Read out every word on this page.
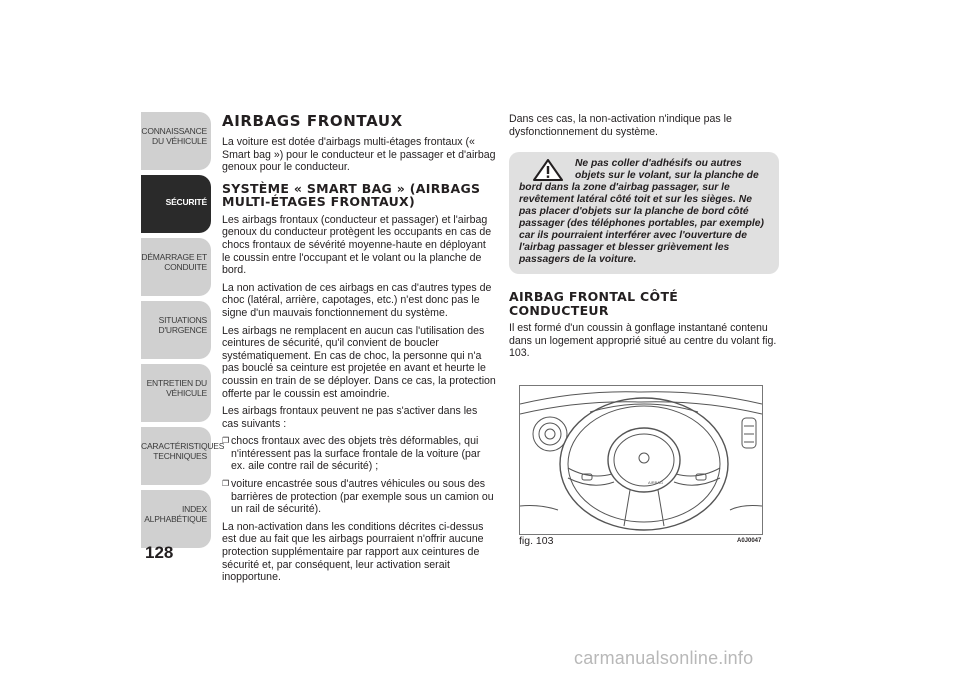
CONNAISSANCE DU VÉHICULE
SÉCURITÉ
DÉMARRAGE ET CONDUITE
SITUATIONS D'URGENCE
ENTRETIEN DU VÉHICULE
CARACTÉRISTIQUES TECHNIQUES
INDEX ALPHABÉTIQUE
128
AIRBAGS FRONTAUX

La voiture est dotée d'airbags multi-étages frontaux (« Smart bag ») pour le conducteur et le passager et d'airbag genoux pour le conducteur.

SYSTÈME « SMART BAG » (AIRBAGS MULTI-ÉTAGES FRONTAUX)

Les airbags frontaux (conducteur et passager) et l'airbag genoux du conducteur protègent les occupants en cas de chocs frontaux de sévérité moyenne-haute en déployant le coussin entre l'occupant et le volant ou la planche de bord.

La non activation de ces airbags en cas d'autres types de choc (latéral, arrière, capotages, etc.) n'est donc pas le signe d'un mauvais fonctionnement du système.

Les airbags ne remplacent en aucun cas l'utilisation des ceintures de sécurité, qu'il convient de boucler systématiquement. En cas de choc, la personne qui n'a pas bouclé sa ceinture est projetée en avant et heurte le coussin en train de se déployer. Dans ce cas, la protection offerte par le coussin est amoindrie.

Les airbags frontaux peuvent ne pas s'activer dans les cas suivants :

❐ chocs frontaux avec des objets très déformables, qui n'intéressent pas la surface frontale de la voiture (par ex. aile contre rail de sécurité) ;
❐ voiture encastrée sous d'autres véhicules ou sous des barrières de protection (par exemple sous un camion ou un rail de sécurité).

La non-activation dans les conditions décrites ci-dessus est due au fait que les airbags pourraient n'offrir aucune protection supplémentaire par rapport aux ceintures de sécurité et, par conséquent, leur activation serait inopportune.

Dans ces cas, la non-activation n'indique pas le dysfonctionnement du système.

Ne pas coller d'adhésifs ou autres objets sur le volant, sur la planche de bord dans la zone d'airbag passager, sur le revêtement latéral côté toit et sur les sièges. Ne pas placer d'objets sur la planche de bord côté passager (des téléphones portables, par exemple) car ils pourraient interférer avec l'ouverture de l'airbag passager et blesser grièvement les passagers de la voiture.
AIRBAG FRONTAL CÔTÉ CONDUCTEUR

Il est formé d'un coussin à gonflage instantané contenu dans un logement approprié situé au centre du volant fig. 103.

AIRBAG
fig. 103	A0J0047
carmanualsonline.info
